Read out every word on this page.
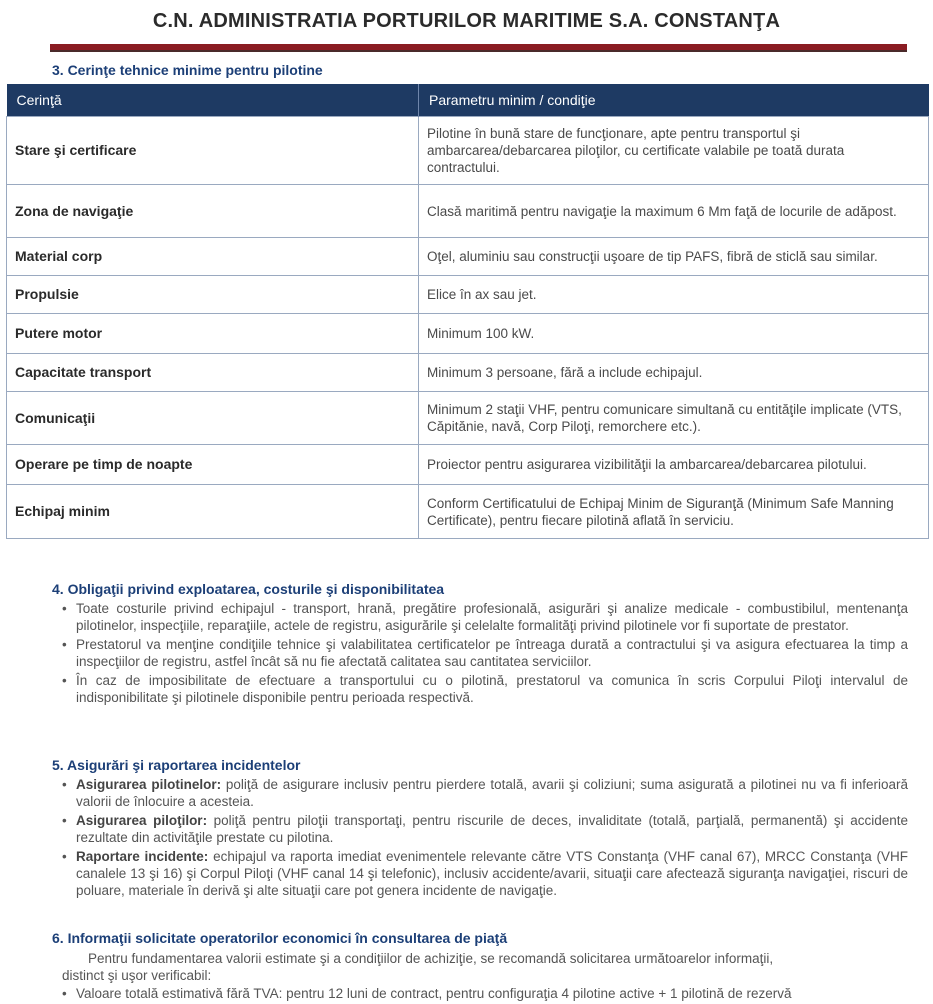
C.N. ADMINISTRATIA PORTURILOR MARITIME S.A. CONSTANŢA
3. Cerinţe tehnice minime pentru pilotine
Cerinţă	Parametru minim / condiţie
Stare şi certificare	Pilotine în bună stare de funcţionare, apte pentru transportul şi ambarcarea/debarcarea piloţilor, cu certificate valabile pe toată durata contractului.
Zona de navigaţie	Clasă maritimă pentru navigaţie la maximum 6 Mm faţă de locurile de adăpost.
Material corp	Oţel, aluminiu sau construcţii uşoare de tip PAFS, fibră de sticlă sau similar.
Propulsie	Elice în ax sau jet.
Putere motor	Minimum 100 kW.
Capacitate transport	Minimum 3 persoane, fără a include echipajul.
Comunicaţii	Minimum 2 staţii VHF, pentru comunicare simultană cu entităţile implicate (VTS, Căpitănie, navă, Corp Piloţi, remorchere etc.).
Operare pe timp de noapte	Proiector pentru asigurarea vizibilităţii la ambarcarea/debarcarea pilotului.
Echipaj minim	Conform Certificatului de Echipaj Minim de Siguranţă (Minimum Safe Manning Certificate), pentru fiecare pilotină aflată în serviciu.
4. Obligaţii privind exploatarea, costurile şi disponibilitatea
• Toate costurile privind echipajul - transport, hrană, pregătire profesională, asigurări şi analize medicale - combustibilul, mentenanţa pilotinelor, inspecţiile, reparaţiile, actele de registru, asigurările şi celelalte formalităţi privind pilotinele vor fi suportate de prestator.
• Prestatorul va menţine condiţiile tehnice şi valabilitatea certificatelor pe întreaga durată a contractului şi va asigura efectuarea la timp a inspecţiilor de registru, astfel încât să nu fie afectată calitatea sau cantitatea serviciilor.
• În caz de imposibilitate de efectuare a transportului cu o pilotină, prestatorul va comunica în scris Corpului Piloţi intervalul de indisponibilitate şi pilotinele disponibile pentru perioada respectivă.
5. Asigurări şi raportarea incidentelor
• Asigurarea pilotinelor: poliţă de asigurare inclusiv pentru pierdere totală, avarii şi coliziuni; suma asigurată a pilotinei nu va fi inferioară valorii de înlocuire a acesteia.
• Asigurarea piloţilor: poliţă pentru piloţii transportaţi, pentru riscurile de deces, invaliditate (totală, parţială, permanentă) şi accidente rezultate din activităţile prestate cu pilotina.
• Raportare incidente: echipajul va raporta imediat evenimentele relevante către VTS Constanţa (VHF canal 67), MRCC Constanţa (VHF canalele 13 şi 16) şi Corpul Piloţi (VHF canal 14 şi telefonic), inclusiv accidente/avarii, situaţii care afectează siguranţa navigaţiei, riscuri de poluare, materiale în derivă şi alte situaţii care pot genera incidente de navigaţie.
6. Informaţii solicitate operatorilor economici în consultarea de piaţă
Pentru fundamentarea valorii estimate şi a condiţiilor de achiziţie, se recomandă solicitarea următoarelor informaţii,
distinct şi uşor verificabil:
• Valoare totală estimativă fără TVA: pentru 12 luni de contract, pentru configuraţia 4 pilotine active + 1 pilotină de rezervă
